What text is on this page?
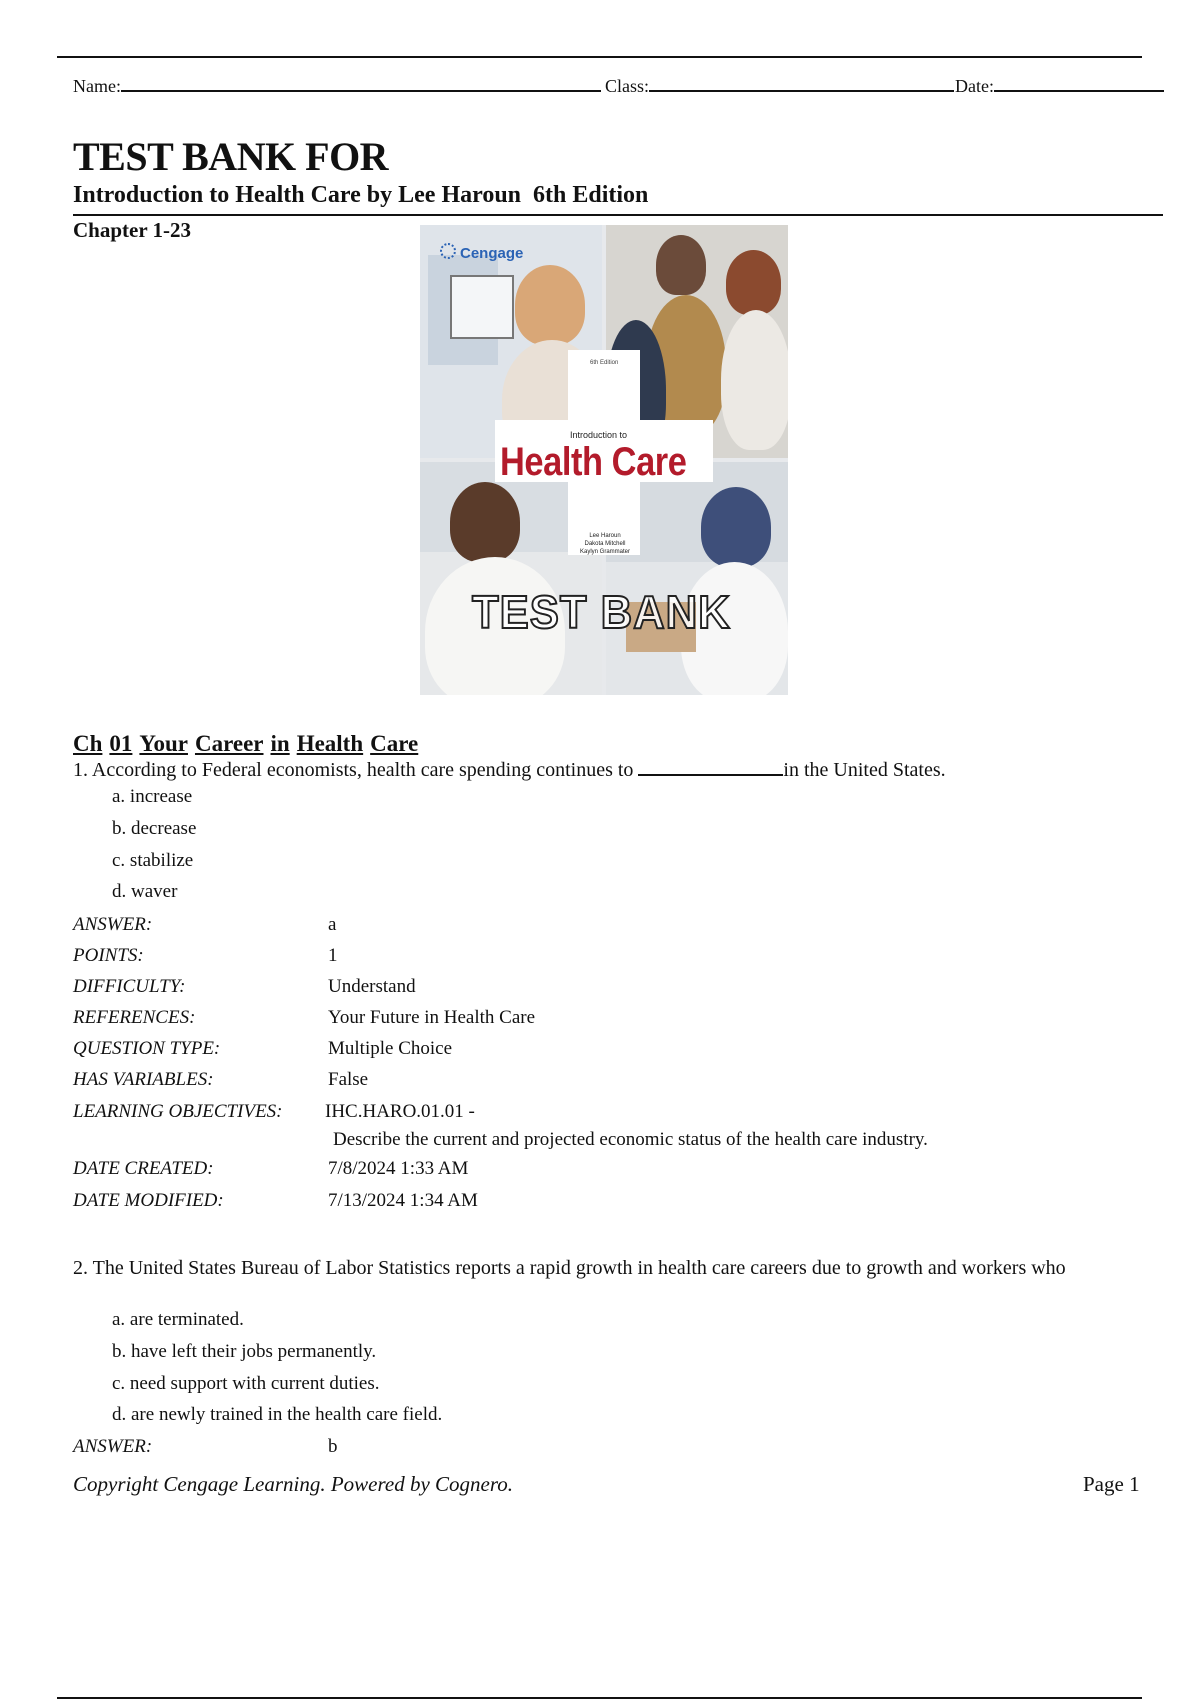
Name:	Class:	Date:
TEST BANK FOR
Introduction to Health Care by Lee Haroun  6th Edition
Chapter 1-23
Cengage
6th Edition
Introduction to
Health Care
Lee Haroun
Dakota Mitchell
Kaylyn Grammater
TEST BANK
Ch 01 Your Career in Health Care
1. According to Federal economists, health care spending continues to	in the United States.
a. increase
b. decrease
c. stabilize
d. waver
ANSWER:	a
POINTS:	1
DIFFICULTY:	Understand
REFERENCES:	Your Future in Health Care
QUESTION TYPE:	Multiple Choice
HAS VARIABLES:	False
LEARNING OBJECTIVES: IHC.HARO.01.01 -
Describe the current and projected economic status of the health care industry.
DATE CREATED:	7/8/2024 1:33 AM
DATE MODIFIED:	7/13/2024 1:34 AM
2. The United States Bureau of Labor Statistics reports a rapid growth in health care careers due to growth and workers who
a. are terminated.
b. have left their jobs permanently.
c. need support with current duties.
d. are newly trained in the health care field.
ANSWER:	b
Copyright Cengage Learning. Powered by Cognero.	Page 1
